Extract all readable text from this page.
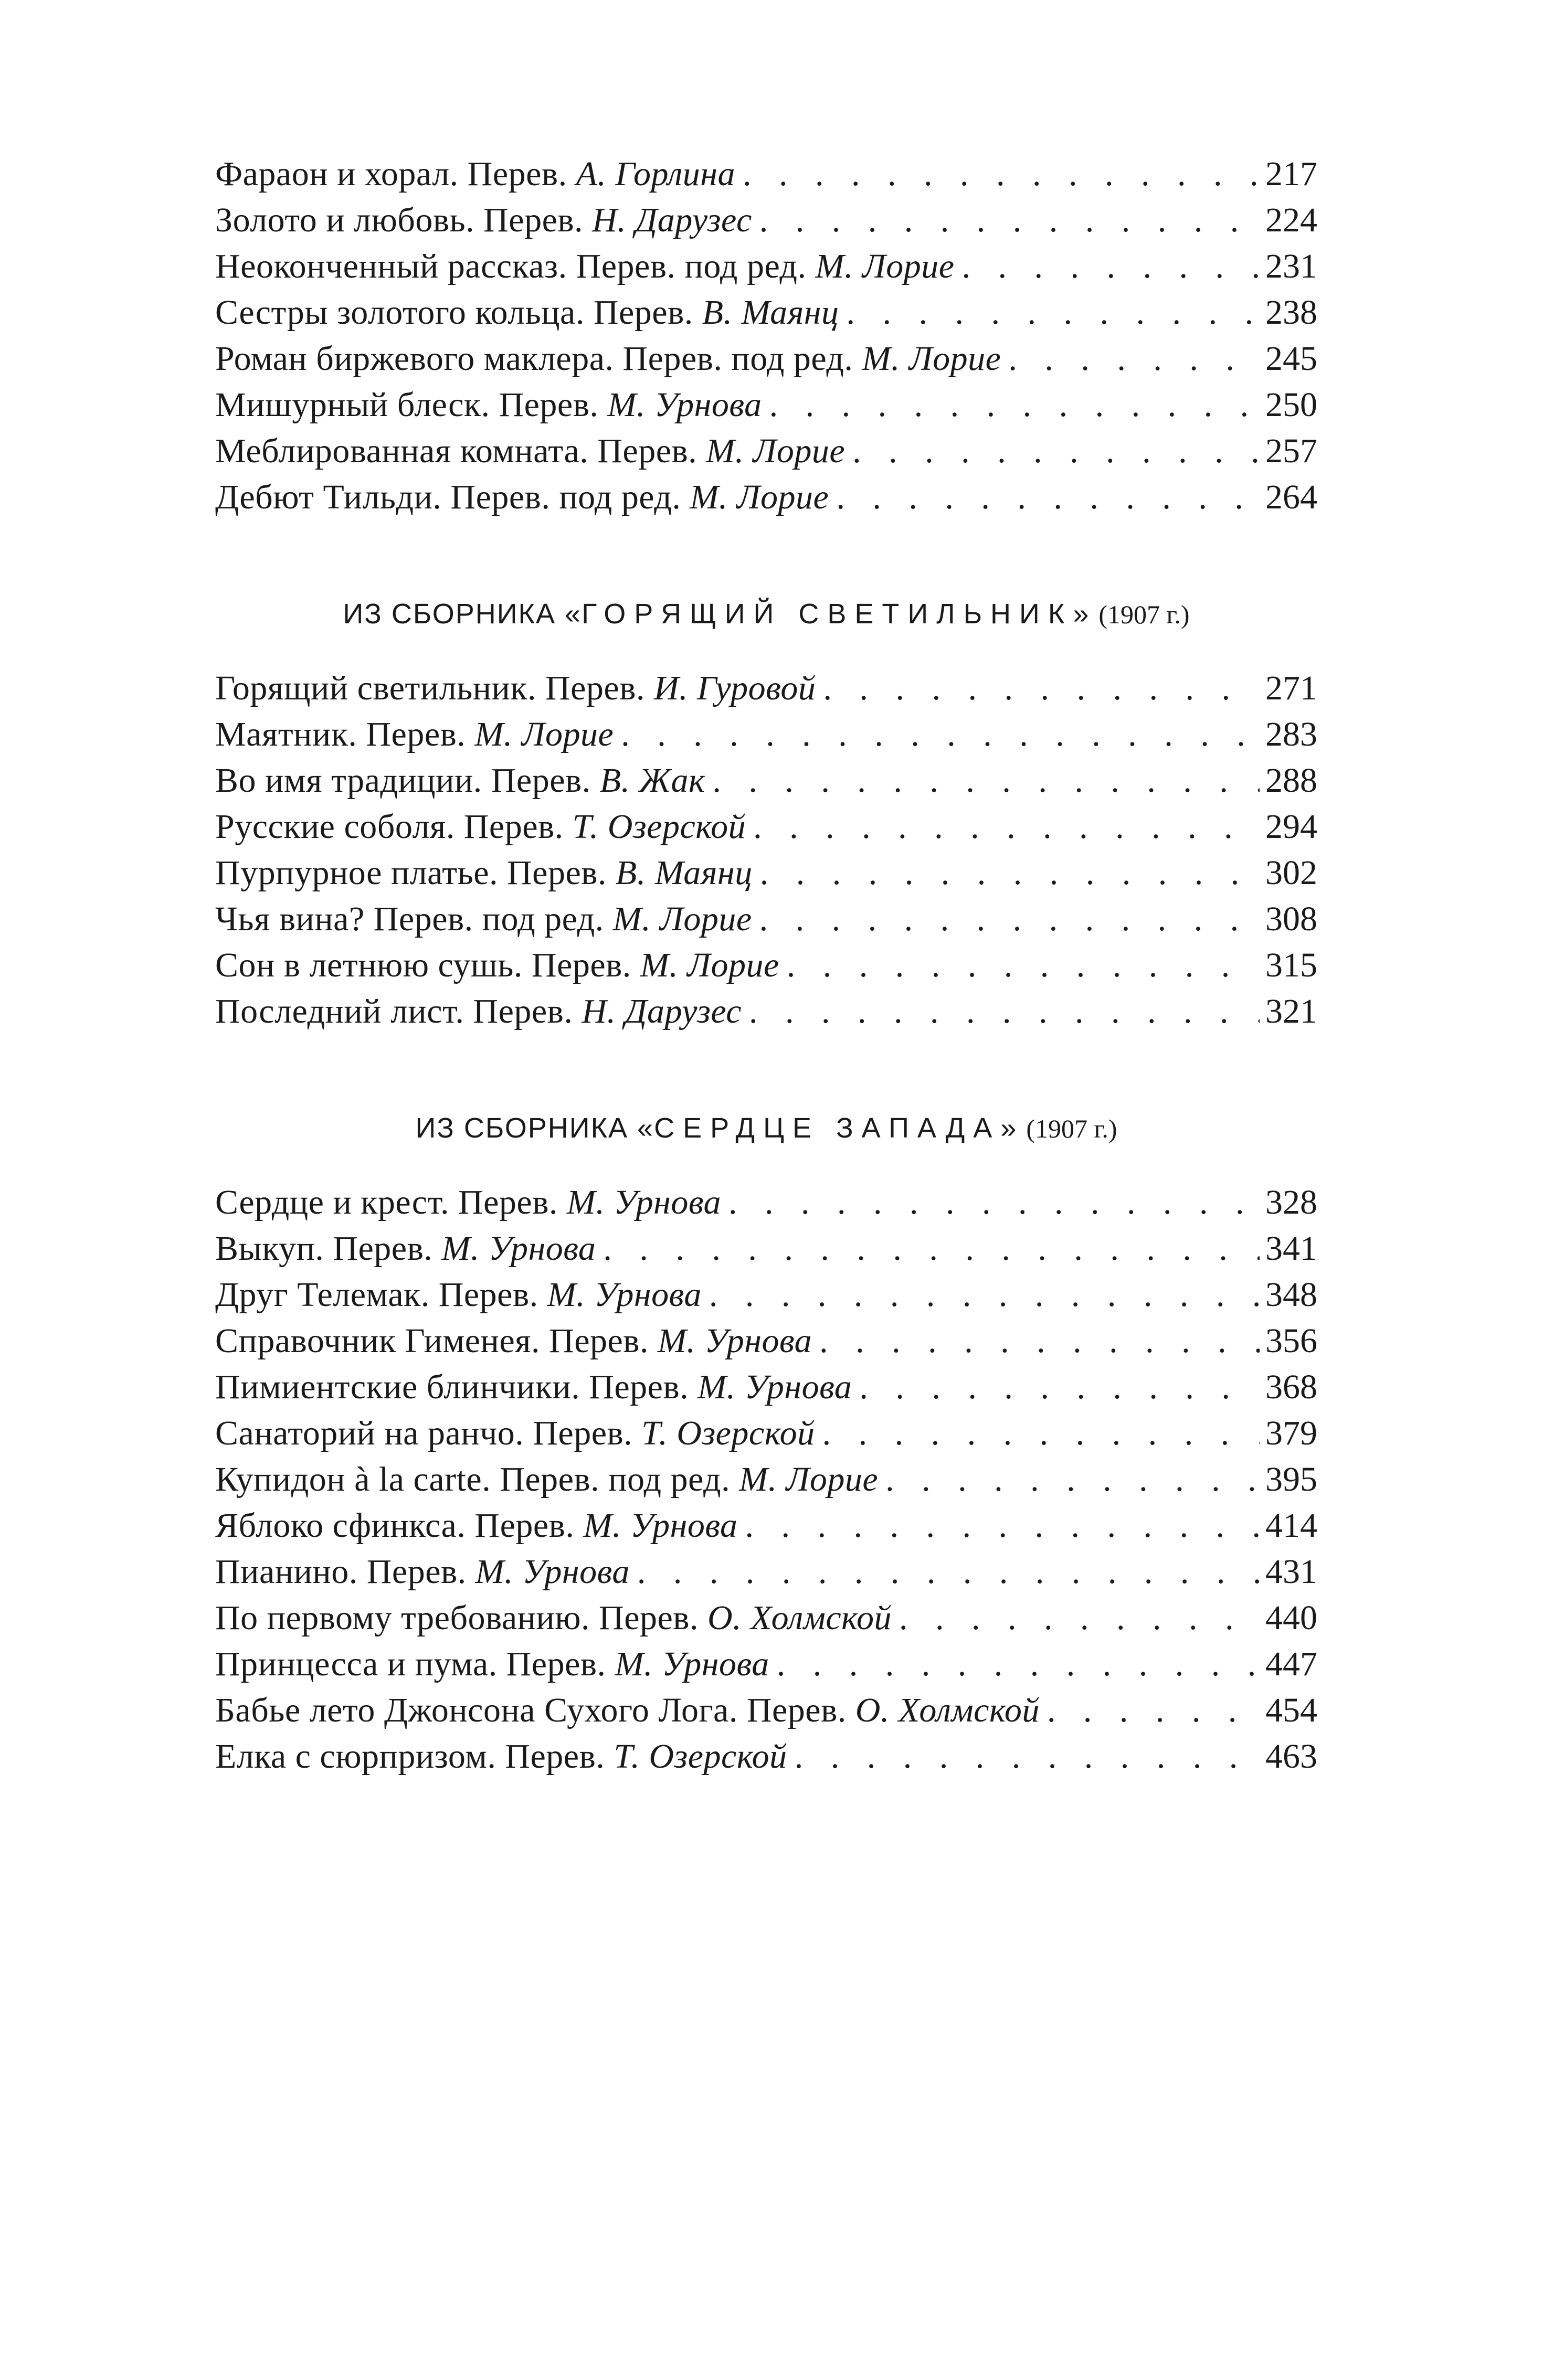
Фараон и хорал. Перев. А. Горлина . . .	217
Золото и любовь. Перев. Н. Дарузес . . .	224
Неоконченный рассказ. Перев. под ред. М. Лорие . . .	231
Сестры золотого кольца. Перев. В. Маянц . . .	238
Роман биржевого маклера. Перев. под ред. М. Лорие . . .	245
Мишурный блеск. Перев. М. Урнова . . .	250
Меблированная комната. Перев. М. Лорие . . .	257
Дебют Тильди. Перев. под ред. М. Лорие . . .	264
ИЗ СБОРНИКА «ГОРЯЩИЙ СВЕТИЛЬНИК» (1907 г.)
Горящий светильник. Перев. И. Гуровой . . .	271
Маятник. Перев. М. Лорие . . .	283
Во имя традиции. Перев. В. Жак . . .	288
Русские соболя. Перев. Т. Озерской . . .	294
Пурпурное платье. Перев. В. Маянц . . .	302
Чья вина? Перев. под ред. М. Лорие . . .	308
Сон в летнюю сушь. Перев. М. Лорие . . .	315
Последний лист. Перев. Н. Дарузес . . .	321
ИЗ СБОРНИКА «СЕРДЦЕ ЗАПАДА» (1907 г.)
Сердце и крест. Перев. М. Урнова . . .	328
Выкуп. Перев. М. Урнова . . .	341
Друг Телемак. Перев. М. Урнова . . .	348
Справочник Гименея. Перев. М. Урнова . . .	356
Пимиентские блинчики. Перев. М. Урнова . . .	368
Санаторий на ранчо. Перев. Т. Озерской . . .	379
Купидон à la carte. Перев. под ред. М. Лорие . . .	395
Яблоко сфинкса. Перев. М. Урнова . . .	414
Пианино. Перев. М. Урнова . . .	431
По первому требованию. Перев. О. Холмской . . .	440
Принцесса и пума. Перев. М. Урнова . . .	447
Бабье лето Джонсона Сухого Лога. Перев. О. Холмской . . .	454
Елка с сюрпризом. Перев. Т. Озерской . . .	463
